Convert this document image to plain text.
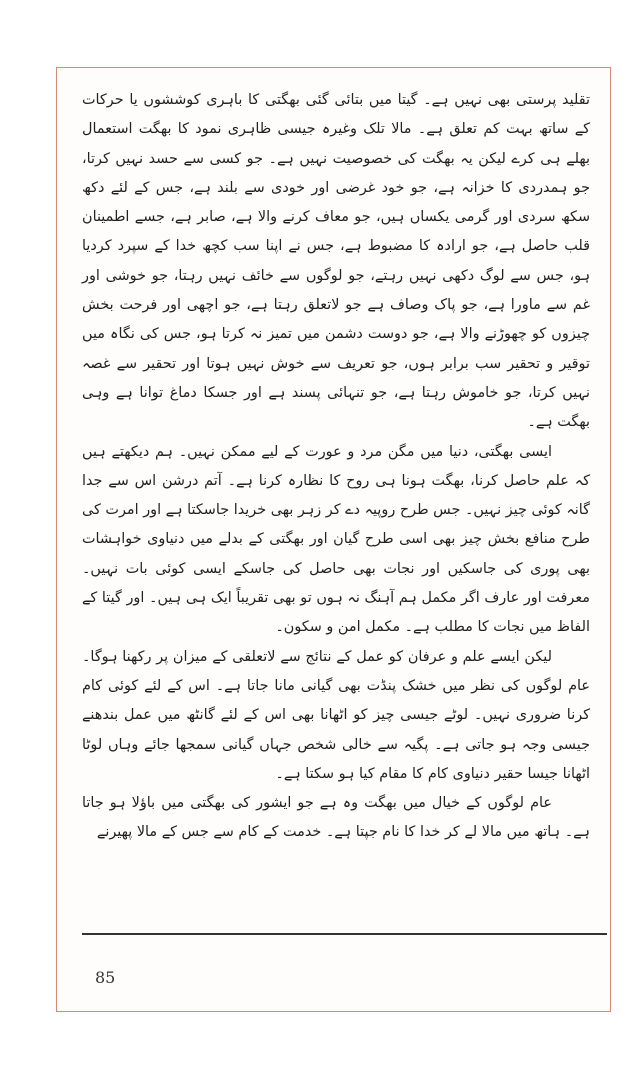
تقلید پرستی بھی نہیں ہے۔ گیتا میں بتائی گئی بھگتی کا باہری کوششوں یا حرکات کے ساتھ بہت کم تعلق ہے۔ مالا تلک وغیرہ جیسی ظاہری نمود کا بھگت استعمال بھلے ہی کرے لیکن یہ بھگت کی خصوصیت نہیں ہے۔ جو کسی سے حسد نہیں کرتا، جو ہمدردی کا خزانہ ہے، جو خود غرضی اور خودی سے بلند ہے، جس کے لئے دکھ سکھ سردی اور گرمی یکساں ہیں، جو معاف کرنے والا ہے، صابر ہے، جسے اطمینان قلب حاصل ہے، جو ارادہ کا مضبوط ہے، جس نے اپنا سب کچھ خدا کے سپرد کردیا ہو، جس سے لوگ دکھی نہیں رہتے، جو لوگوں سے خائف نہیں رہتا، جو خوشی اور غم سے ماورا ہے، جو پاک وصاف ہے جو لاتعلق رہتا ہے، جو اچھی اور فرحت بخش چیزوں کو چھوڑنے والا ہے، جو دوست دشمن میں تمیز نہ کرتا ہو، جس کی نگاہ میں توقیر و تحقیر سب برابر ہوں، جو تعریف سے خوش نہیں ہوتا اور تحقیر سے غصہ نہیں کرتا، جو خاموش رہتا ہے، جو تنہائی پسند ہے اور جسکا دماغ توانا ہے وہی بھگت ہے۔

ایسی بھگتی، دنیا میں مگن مرد و عورت کے لیے ممکن نہیں۔ ہم دیکھتے ہیں کہ علم حاصل کرنا، بھگت ہونا ہی روح کا نظارہ کرنا ہے۔ آتم درشن اس سے جدا گانہ کوئی چیز نہیں۔ جس طرح روپیہ دے کر زہر بھی خریدا جاسکتا ہے اور امرت کی طرح منافع بخش چیز بھی اسی طرح گیان اور بھگتی کے بدلے میں دنیاوی خواہشات بھی پوری کی جاسکیں اور نجات بھی حاصل کی جاسکے ایسی کوئی بات نہیں۔ معرفت اور عارف اگر مکمل ہم آہنگ نہ ہوں تو بھی تقریباً ایک ہی ہیں۔ اور گیتا کے الفاظ میں نجات کا مطلب ہے۔ مکمل امن و سکون۔

لیکن ایسے علم و عرفان کو عمل کے نتائج سے لاتعلقی کے میزان پر رکھنا ہوگا۔ عام لوگوں کی نظر میں خشک پنڈت بھی گیانی مانا جاتا ہے۔ اس کے لئے کوئی کام کرنا ضروری نہیں۔ لوٹے جیسی چیز کو اٹھانا بھی اس کے لئے گانٹھ میں عمل بندھنے جیسی وجہ ہو جاتی ہے۔ پگیہ سے خالی شخص جہاں گیانی سمجھا جائے وہاں لوٹا اٹھانا جیسا حقیر دنیاوی کام کا مقام کیا ہو سکتا ہے۔

عام لوگوں کے خیال میں بھگت وہ ہے جو ایشور کی بھگتی میں باؤلا ہو جاتا ہے۔ ہاتھ میں مالا لے کر خدا کا نام جپتا ہے۔ خدمت کے کام سے جس کے مالا پھیرنے

85
